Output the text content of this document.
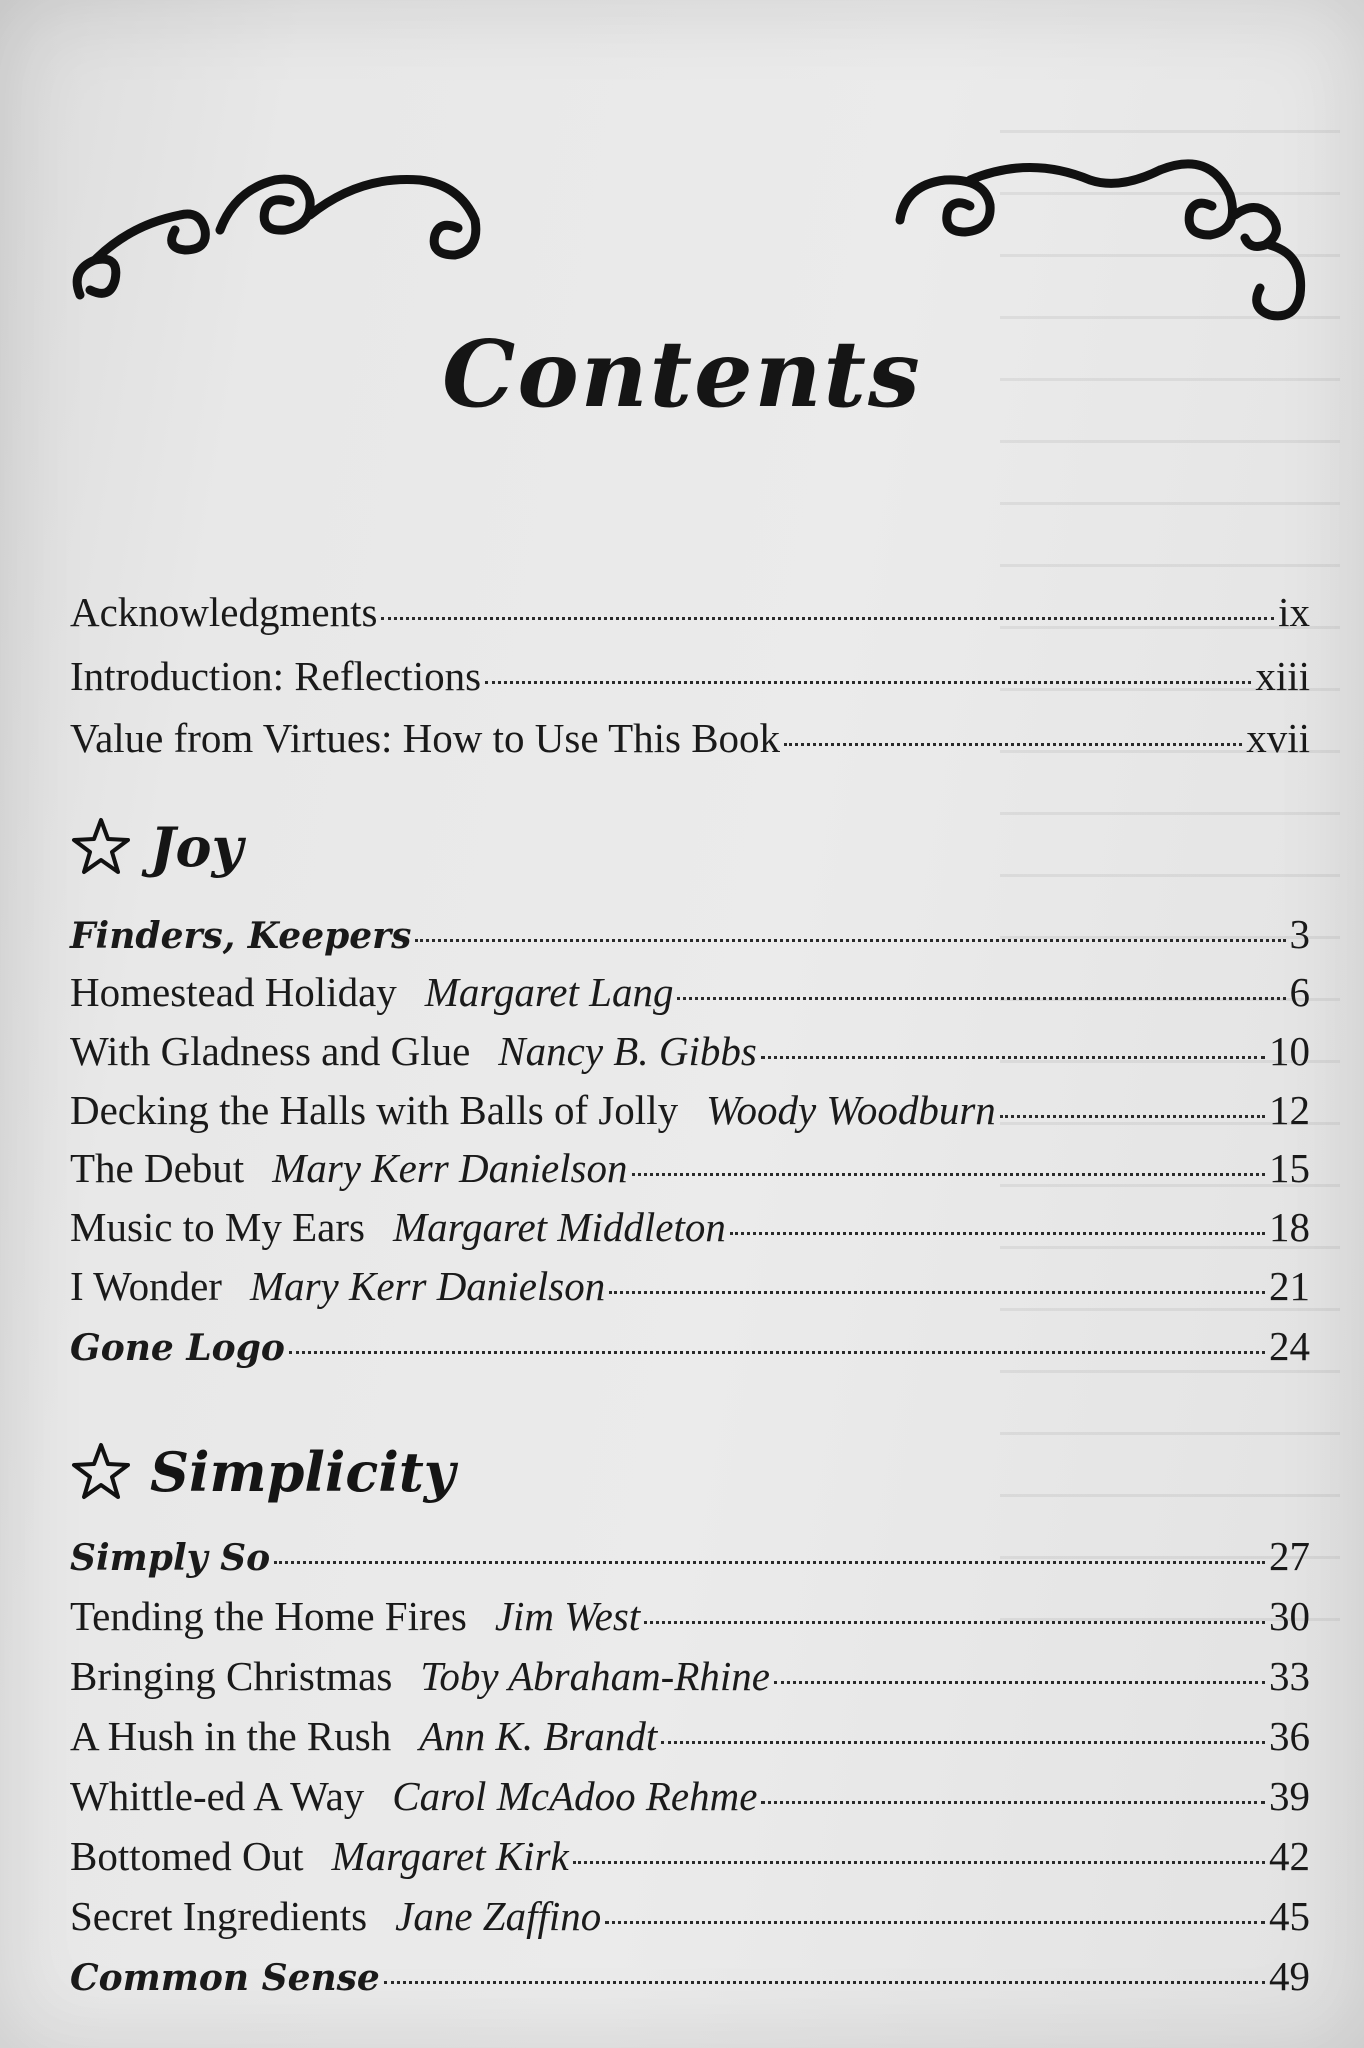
Contents
Acknowledgments	ix
Introduction: Reflections	xiii
Value from Virtues: How to Use This Book	xvii
Joy
Finders, Keepers	3
Homestead Holiday Margaret Lang	6
With Gladness and Glue Nancy B. Gibbs	10
Decking the Halls with Balls of Jolly Woody Woodburn	12
The Debut Mary Kerr Danielson	15
Music to My Ears Margaret Middleton	18
I Wonder Mary Kerr Danielson	21
Gone Logo	24
Simplicity
Simply So	27
Tending the Home Fires Jim West	30
Bringing Christmas Toby Abraham-Rhine	33
A Hush in the Rush Ann K. Brandt	36
Whittle-ed A Way Carol McAdoo Rehme	39
Bottomed Out Margaret Kirk	42
Secret Ingredients Jane Zaffino	45
Common Sense	49
